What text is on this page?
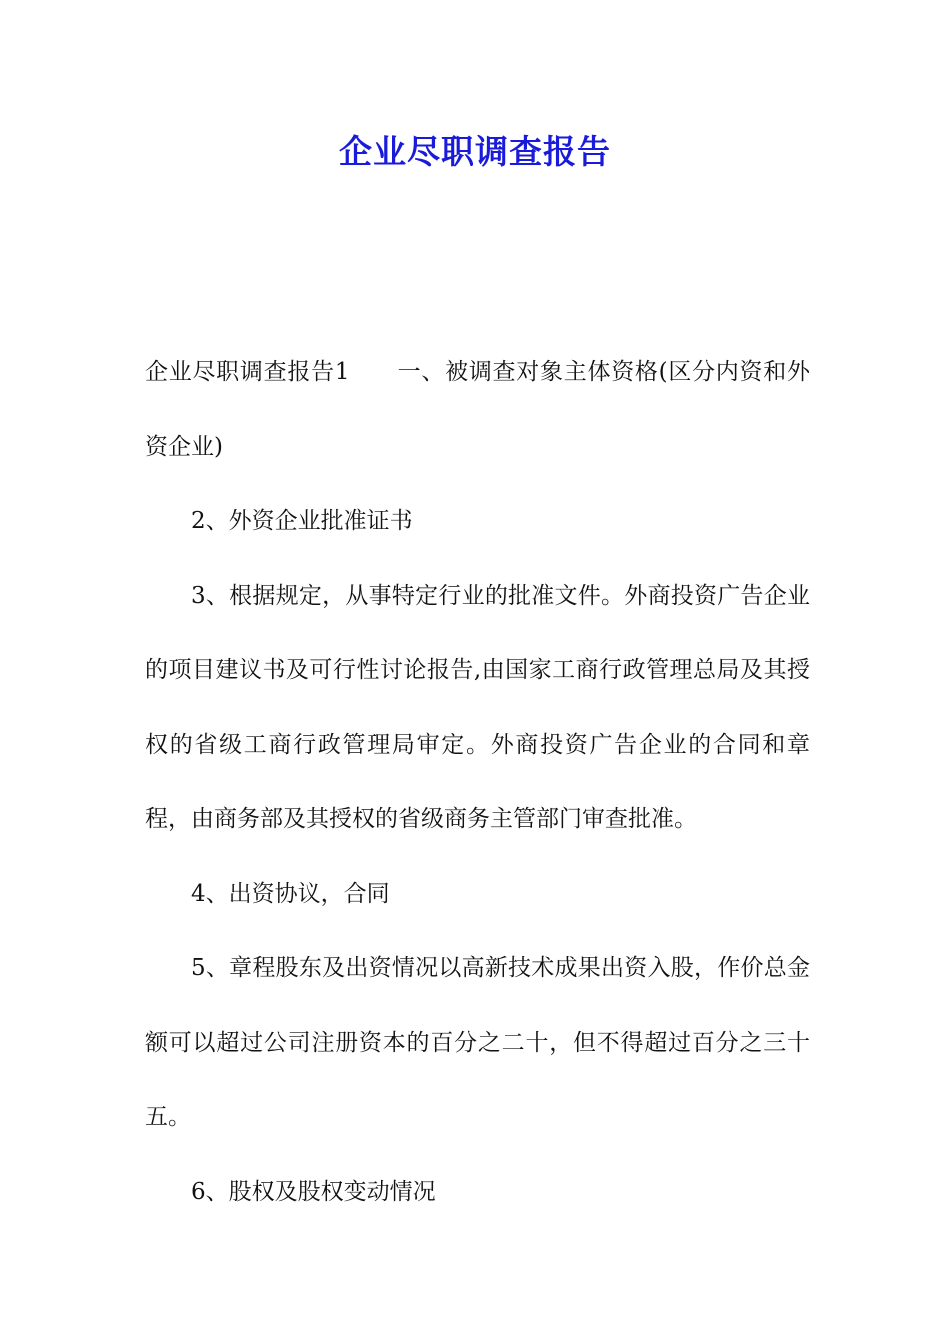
企业尽职调查报告

企业尽职调查报告1　　一、被调查对象主体资格(区分内资和外资企业)

2、外资企业批准证书

3、根据规定，从事特定行业的批准文件。外商投资广告企业的项目建议书及可行性讨论报告,由国家工商行政管理总局及其授权的省级工商行政管理局审定。外商投资广告企业的合同和章程，由商务部及其授权的省级商务主管部门审查批准。

4、出资协议，合同

5、章程股东及出资情况以高新技术成果出资入股，作价总金额可以超过公司注册资本的百分之二十，但不得超过百分之三十五。

6、股权及股权变动情况
